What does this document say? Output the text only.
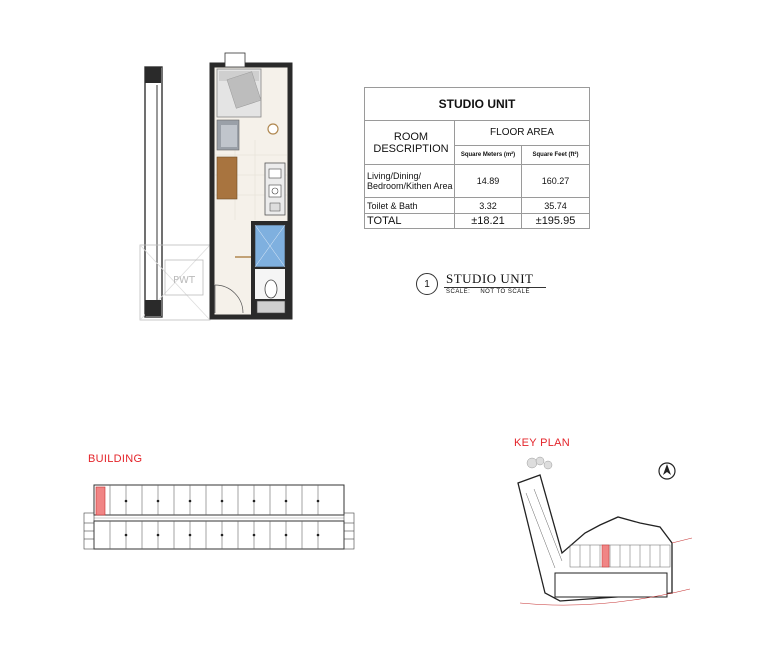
PWT
STUDIO UNIT
ROOM DESCRIPTION
FLOOR AREA
Square Meters (m²)	Square Feet (ft²)
Living/Dining/ Bedroom/Kithen Area	14.89	160.27
Toilet & Bath	3.32	35.74
TOTAL	±18.21	±195.95
1	STUDIO UNIT
SCALE: NOT TO SCALE
BUILDING
KEY PLAN
